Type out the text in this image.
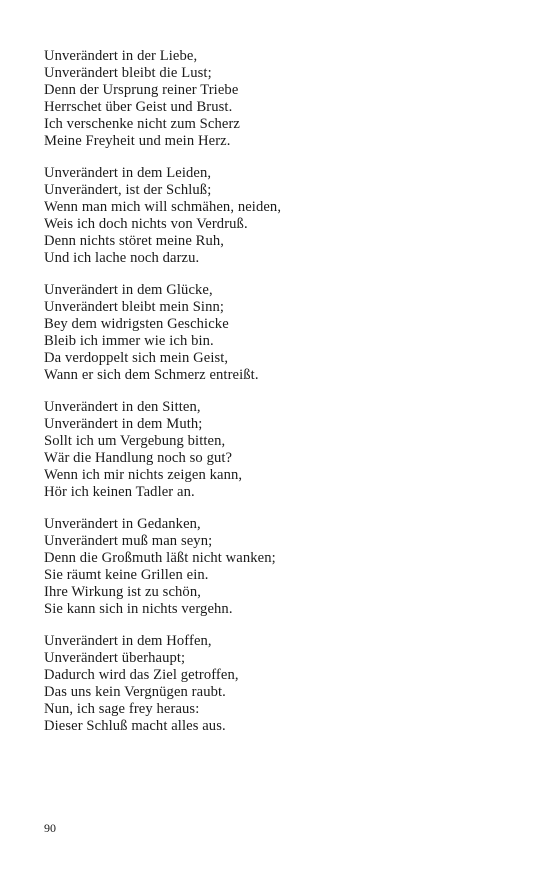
Unverändert in der Liebe,
Unverändert bleibt die Lust;
Denn der Ursprung reiner Triebe
Herrschet über Geist und Brust.
Ich verschenke nicht zum Scherz
Meine Freyheit und mein Herz.
Unverändert in dem Leiden,
Unverändert, ist der Schluß;
Wenn man mich will schmähen, neiden,
Weis ich doch nichts von Verdruß.
Denn nichts störet meine Ruh,
Und ich lache noch darzu.
Unverändert in dem Glücke,
Unverändert bleibt mein Sinn;
Bey dem widrigsten Geschicke
Bleib ich immer wie ich bin.
Da verdoppelt sich mein Geist,
Wann er sich dem Schmerz entreißt.
Unverändert in den Sitten,
Unverändert in dem Muth;
Sollt ich um Vergebung bitten,
Wär die Handlung noch so gut?
Wenn ich mir nichts zeigen kann,
Hör ich keinen Tadler an.
Unverändert in Gedanken,
Unverändert muß man seyn;
Denn die Großmuth läßt nicht wanken;
Sie räumt keine Grillen ein.
Ihre Wirkung ist zu schön,
Sie kann sich in nichts vergehn.
Unverändert in dem Hoffen,
Unverändert überhaupt;
Dadurch wird das Ziel getroffen,
Das uns kein Vergnügen raubt.
Nun, ich sage frey heraus:
Dieser Schluß macht alles aus.
90
